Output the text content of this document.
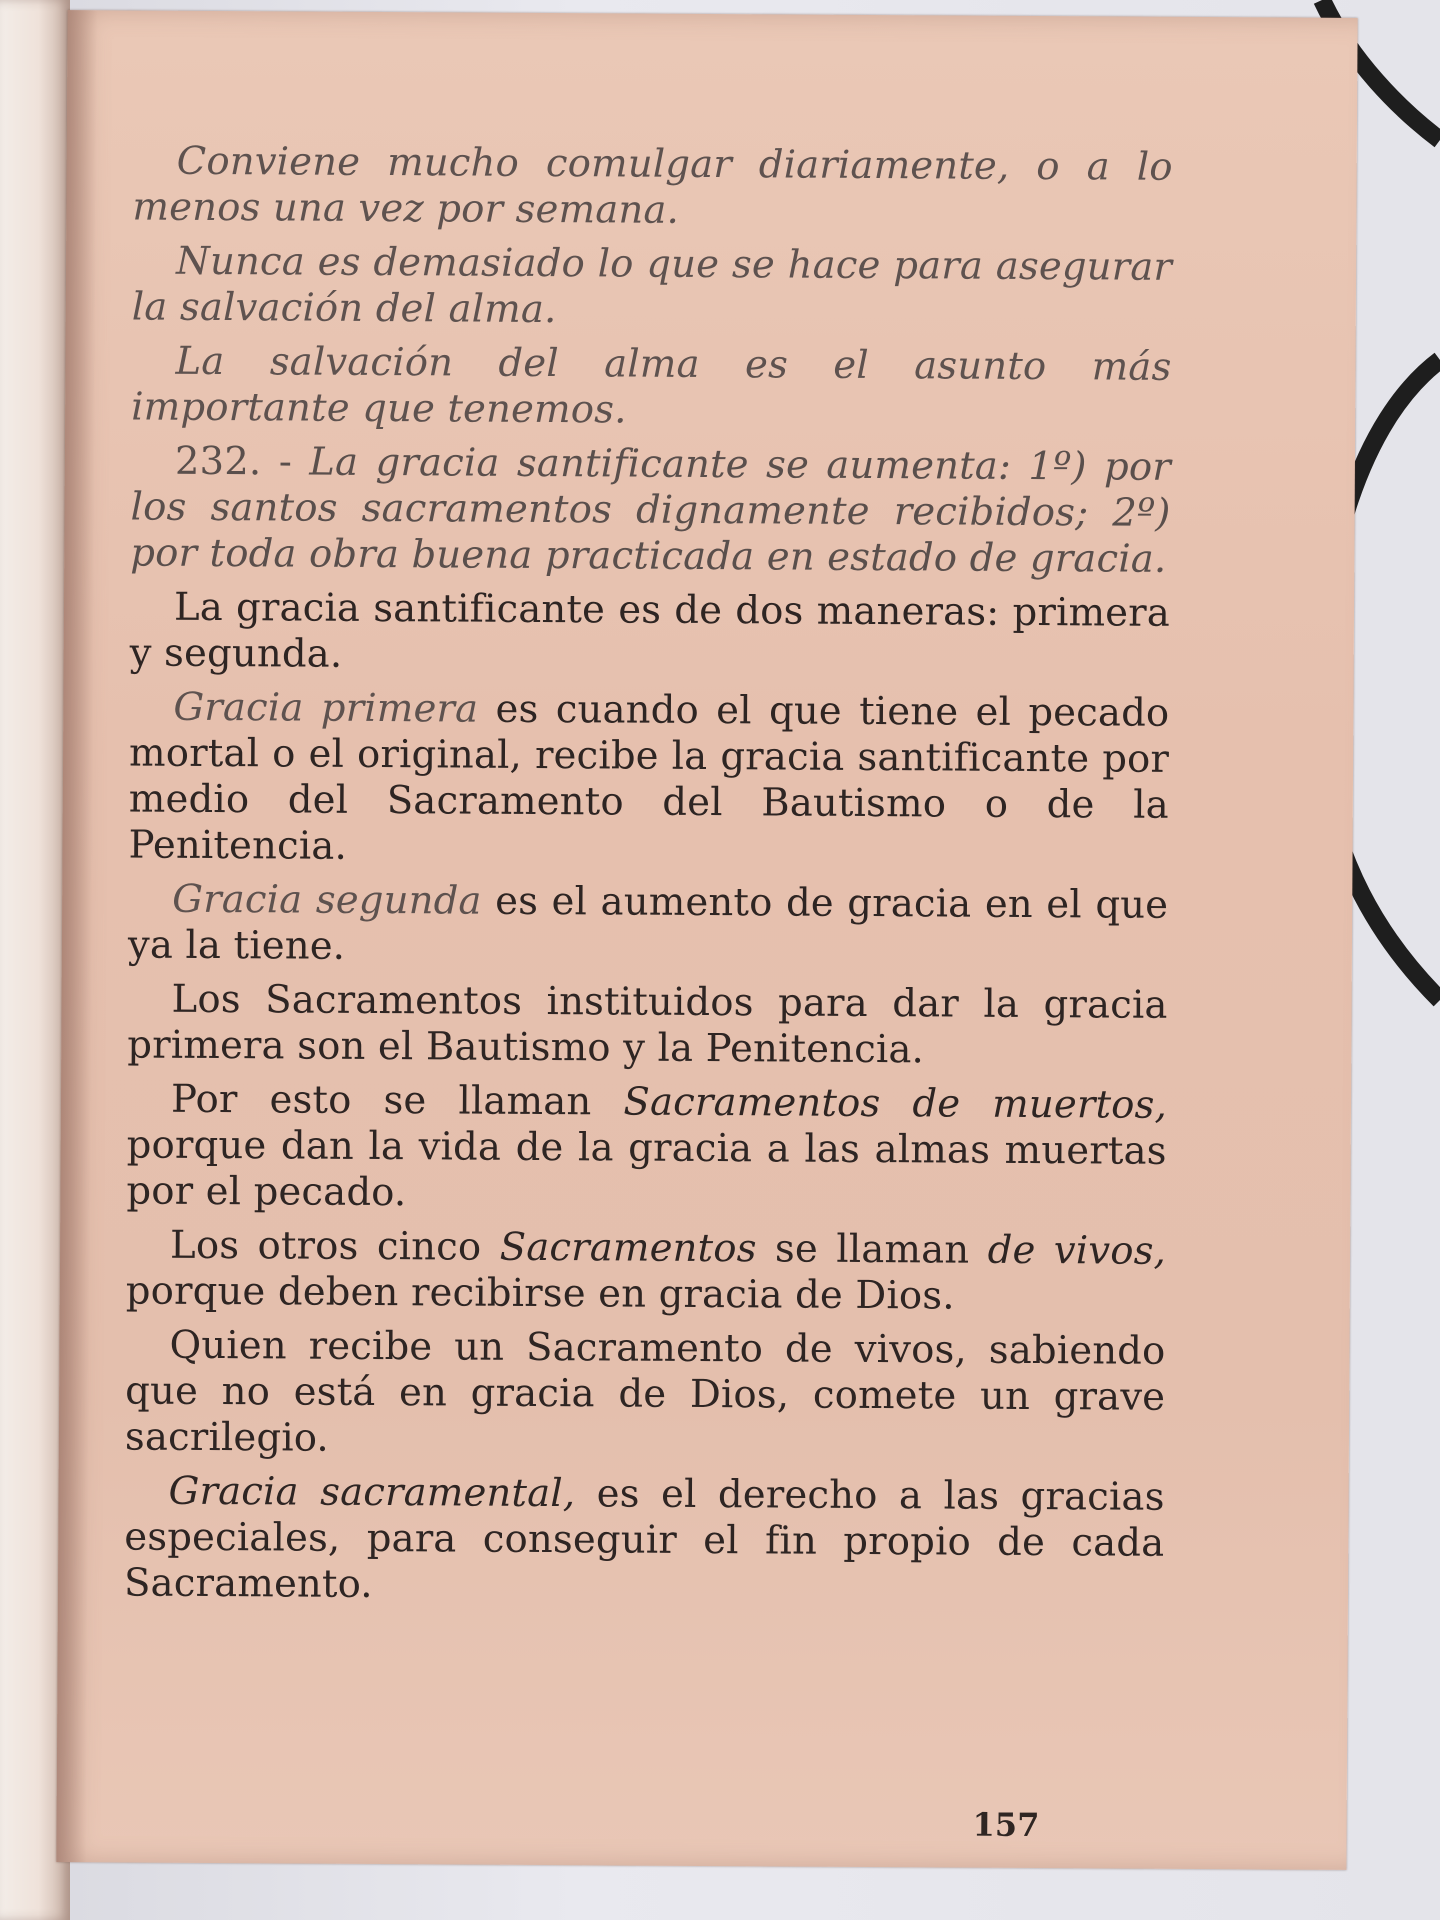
Conviene mucho comulgar diariamente, o a lo menos una vez por semana.

Nunca es demasiado lo que se hace para asegurar la salvación del alma.

La salvación del alma es el asunto más importante que tenemos.

232. - La gracia santificante se aumenta: 1º) por los santos sacramentos dignamente recibidos; 2º) por toda obra buena practicada en estado de gracia.

La gracia santificante es de dos maneras: primera y segunda.

Gracia primera es cuando el que tiene el pecado mortal o el original, recibe la gracia santificante por medio del Sacramento del Bautismo o de la Penitencia.

Gracia segunda es el aumento de gracia en el que ya la tiene.

Los Sacramentos instituidos para dar la gracia primera son el Bautismo y la Penitencia.

Por esto se llaman Sacramentos de muertos, porque dan la vida de la gracia a las almas muertas por el pecado.

Los otros cinco Sacramentos se llaman de vivos, porque deben recibirse en gracia de Dios.

Quien recibe un Sacramento de vivos, sabiendo que no está en gracia de Dios, comete un grave sacrilegio.

Gracia sacramental, es el derecho a las gracias especiales, para conseguir el fin propio de cada Sacramento.

157
